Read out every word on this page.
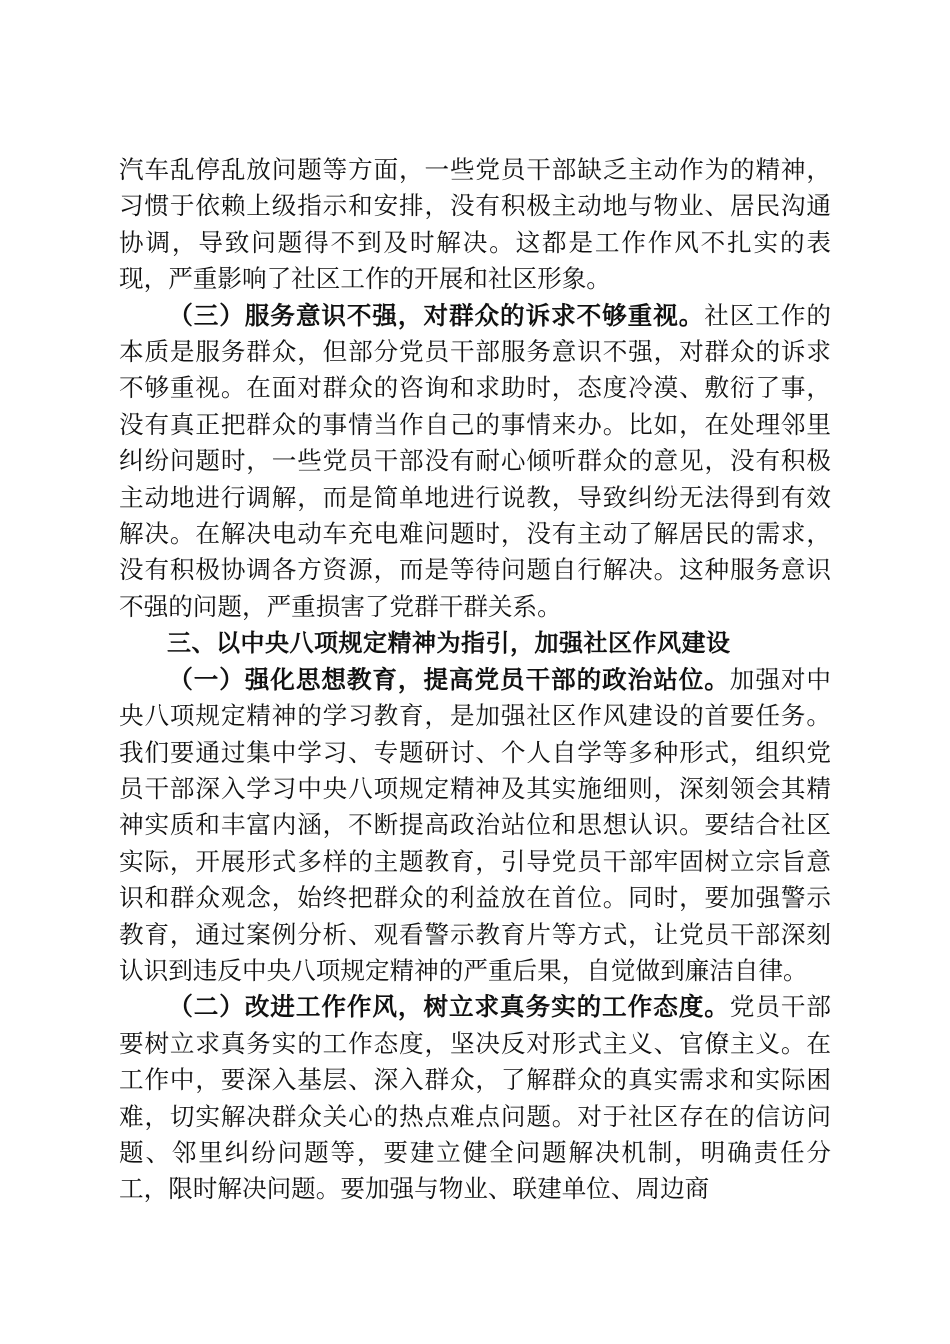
汽车乱停乱放问题等方面，一些党员干部缺乏主动作为的精神，习惯于依赖上级指示和安排，没有积极主动地与物业、居民沟通协调，导致问题得不到及时解决。这都是工作作风不扎实的表现，严重影响了社区工作的开展和社区形象。

（三）服务意识不强，对群众的诉求不够重视。社区工作的本质是服务群众，但部分党员干部服务意识不强，对群众的诉求不够重视。在面对群众的咨询和求助时，态度冷漠、敷衍了事，没有真正把群众的事情当作自己的事情来办。比如，在处理邻里纠纷问题时，一些党员干部没有耐心倾听群众的意见，没有积极主动地进行调解，而是简单地进行说教，导致纠纷无法得到有效解决。在解决电动车充电难问题时，没有主动了解居民的需求，没有积极协调各方资源，而是等待问题自行解决。这种服务意识不强的问题，严重损害了党群干群关系。

三、以中央八项规定精神为指引，加强社区作风建设

（一）强化思想教育，提高党员干部的政治站位。加强对中央八项规定精神的学习教育，是加强社区作风建设的首要任务。我们要通过集中学习、专题研讨、个人自学等多种形式，组织党员干部深入学习中央八项规定精神及其实施细则，深刻领会其精神实质和丰富内涵，不断提高政治站位和思想认识。要结合社区实际，开展形式多样的主题教育，引导党员干部牢固树立宗旨意识和群众观念，始终把群众的利益放在首位。同时，要加强警示教育，通过案例分析、观看警示教育片等方式，让党员干部深刻认识到违反中央八项规定精神的严重后果，自觉做到廉洁自律。

（二）改进工作作风，树立求真务实的工作态度。党员干部要树立求真务实的工作态度，坚决反对形式主义、官僚主义。在工作中，要深入基层、深入群众，了解群众的真实需求和实际困难，切实解决群众关心的热点难点问题。对于社区存在的信访问题、邻里纠纷问题等，要建立健全问题解决机制，明确责任分工，限时解决问题。要加强与物业、联建单位、周边商
